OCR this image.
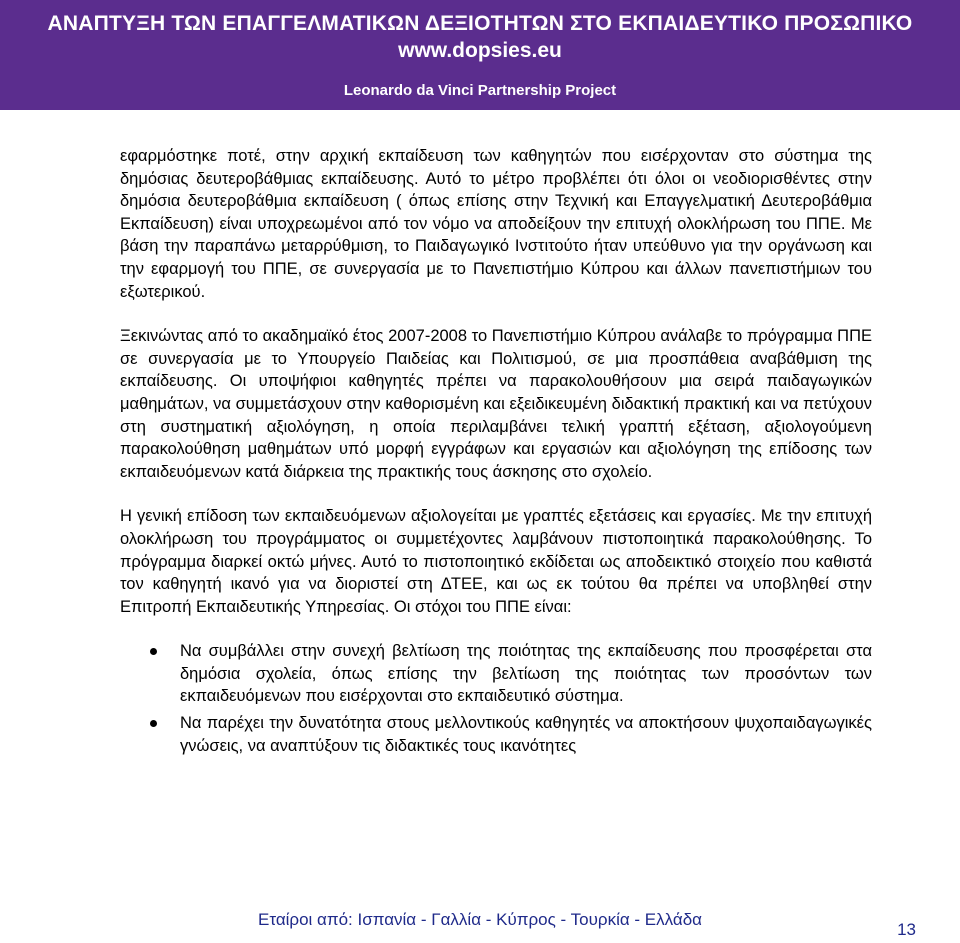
ΑΝΑΠΤΥΞΗ ΤΩΝ ΕΠΑΓΓΕΛΜΑΤΙΚΩΝ ΔΕΞΙΟΤΗΤΩΝ ΣΤΟ ΕΚΠΑΙΔΕΥΤΙΚΟ ΠΡΟΣΩΠΙΚΟ
www.dopsies.eu
Leonardo da Vinci Partnership Project

εφαρμόστηκε ποτέ, στην αρχική εκπαίδευση των καθηγητών που εισέρχονταν στο σύστημα της δημόσιας δευτεροβάθμιας εκπαίδευσης. Αυτό το μέτρο προβλέπει ότι όλοι οι νεοδιορισθέντες στην δημόσια δευτεροβάθμια εκπαίδευση ( όπως επίσης στην Τεχνική και Επαγγελματική Δευτεροβάθμια Εκπαίδευση) είναι υποχρεωμένοι από τον νόμο να αποδείξουν την επιτυχή ολοκλήρωση του ΠΠΕ. Με βάση την παραπάνω μεταρρύθμιση, το Παιδαγωγικό Ινστιτούτο ήταν υπεύθυνο για την οργάνωση και την εφαρμογή του ΠΠΕ, σε συνεργασία με το Πανεπιστήμιο Κύπρου και άλλων πανεπιστήμιων του εξωτερικού.

Ξεκινώντας από το ακαδημαϊκό έτος 2007-2008 το Πανεπιστήμιο Κύπρου ανάλαβε το πρόγραμμα ΠΠΕ σε συνεργασία με το Υπουργείο Παιδείας και Πολιτισμού, σε μια προσπάθεια αναβάθμιση της εκπαίδευσης. Οι υποψήφιοι καθηγητές πρέπει να παρακολουθήσουν μια σειρά παιδαγωγικών μαθημάτων, να συμμετάσχουν στην καθορισμένη και εξειδικευμένη διδακτική πρακτική και να πετύχουν στη συστηματική αξιολόγηση, η οποία περιλαμβάνει τελική γραπτή εξέταση, αξιολογούμενη παρακολούθηση μαθημάτων υπό μορφή εγγράφων και εργασιών και αξιολόγηση της επίδοσης των εκπαιδευόμενων κατά διάρκεια της πρακτικής τους άσκησης στο σχολείο.

Η γενική επίδοση των εκπαιδευόμενων αξιολογείται με γραπτές εξετάσεις και εργασίες. Με την επιτυχή ολοκλήρωση του προγράμματος οι συμμετέχοντες λαμβάνουν πιστοποιητικά παρακολούθησης. Το πρόγραμμα διαρκεί οκτώ μήνες. Αυτό το πιστοποιητικό εκδίδεται ως αποδεικτικό στοιχείο που καθιστά τον καθηγητή ικανό για να διοριστεί στη ΔΤΕΕ, και ως εκ τούτου θα πρέπει να υποβληθεί στην Επιτροπή Εκπαιδευτικής Υπηρεσίας. Οι στόχοι του ΠΠΕ είναι:

Να συμβάλλει στην συνεχή βελτίωση της ποιότητας της εκπαίδευσης που προσφέρεται στα δημόσια σχολεία, όπως επίσης την βελτίωση της ποιότητας των προσόντων των εκπαιδευόμενων που εισέρχονται στο εκπαιδευτικό σύστημα.
Να παρέχει την δυνατότητα στους μελλοντικούς καθηγητές να αποκτήσουν ψυχοπαιδαγωγικές γνώσεις, να αναπτύξουν τις διδακτικές τους ικανότητες
Εταίροι από: Ισπανία - Γαλλία - Κύπρος - Τουρκία - Ελλάδα
13
